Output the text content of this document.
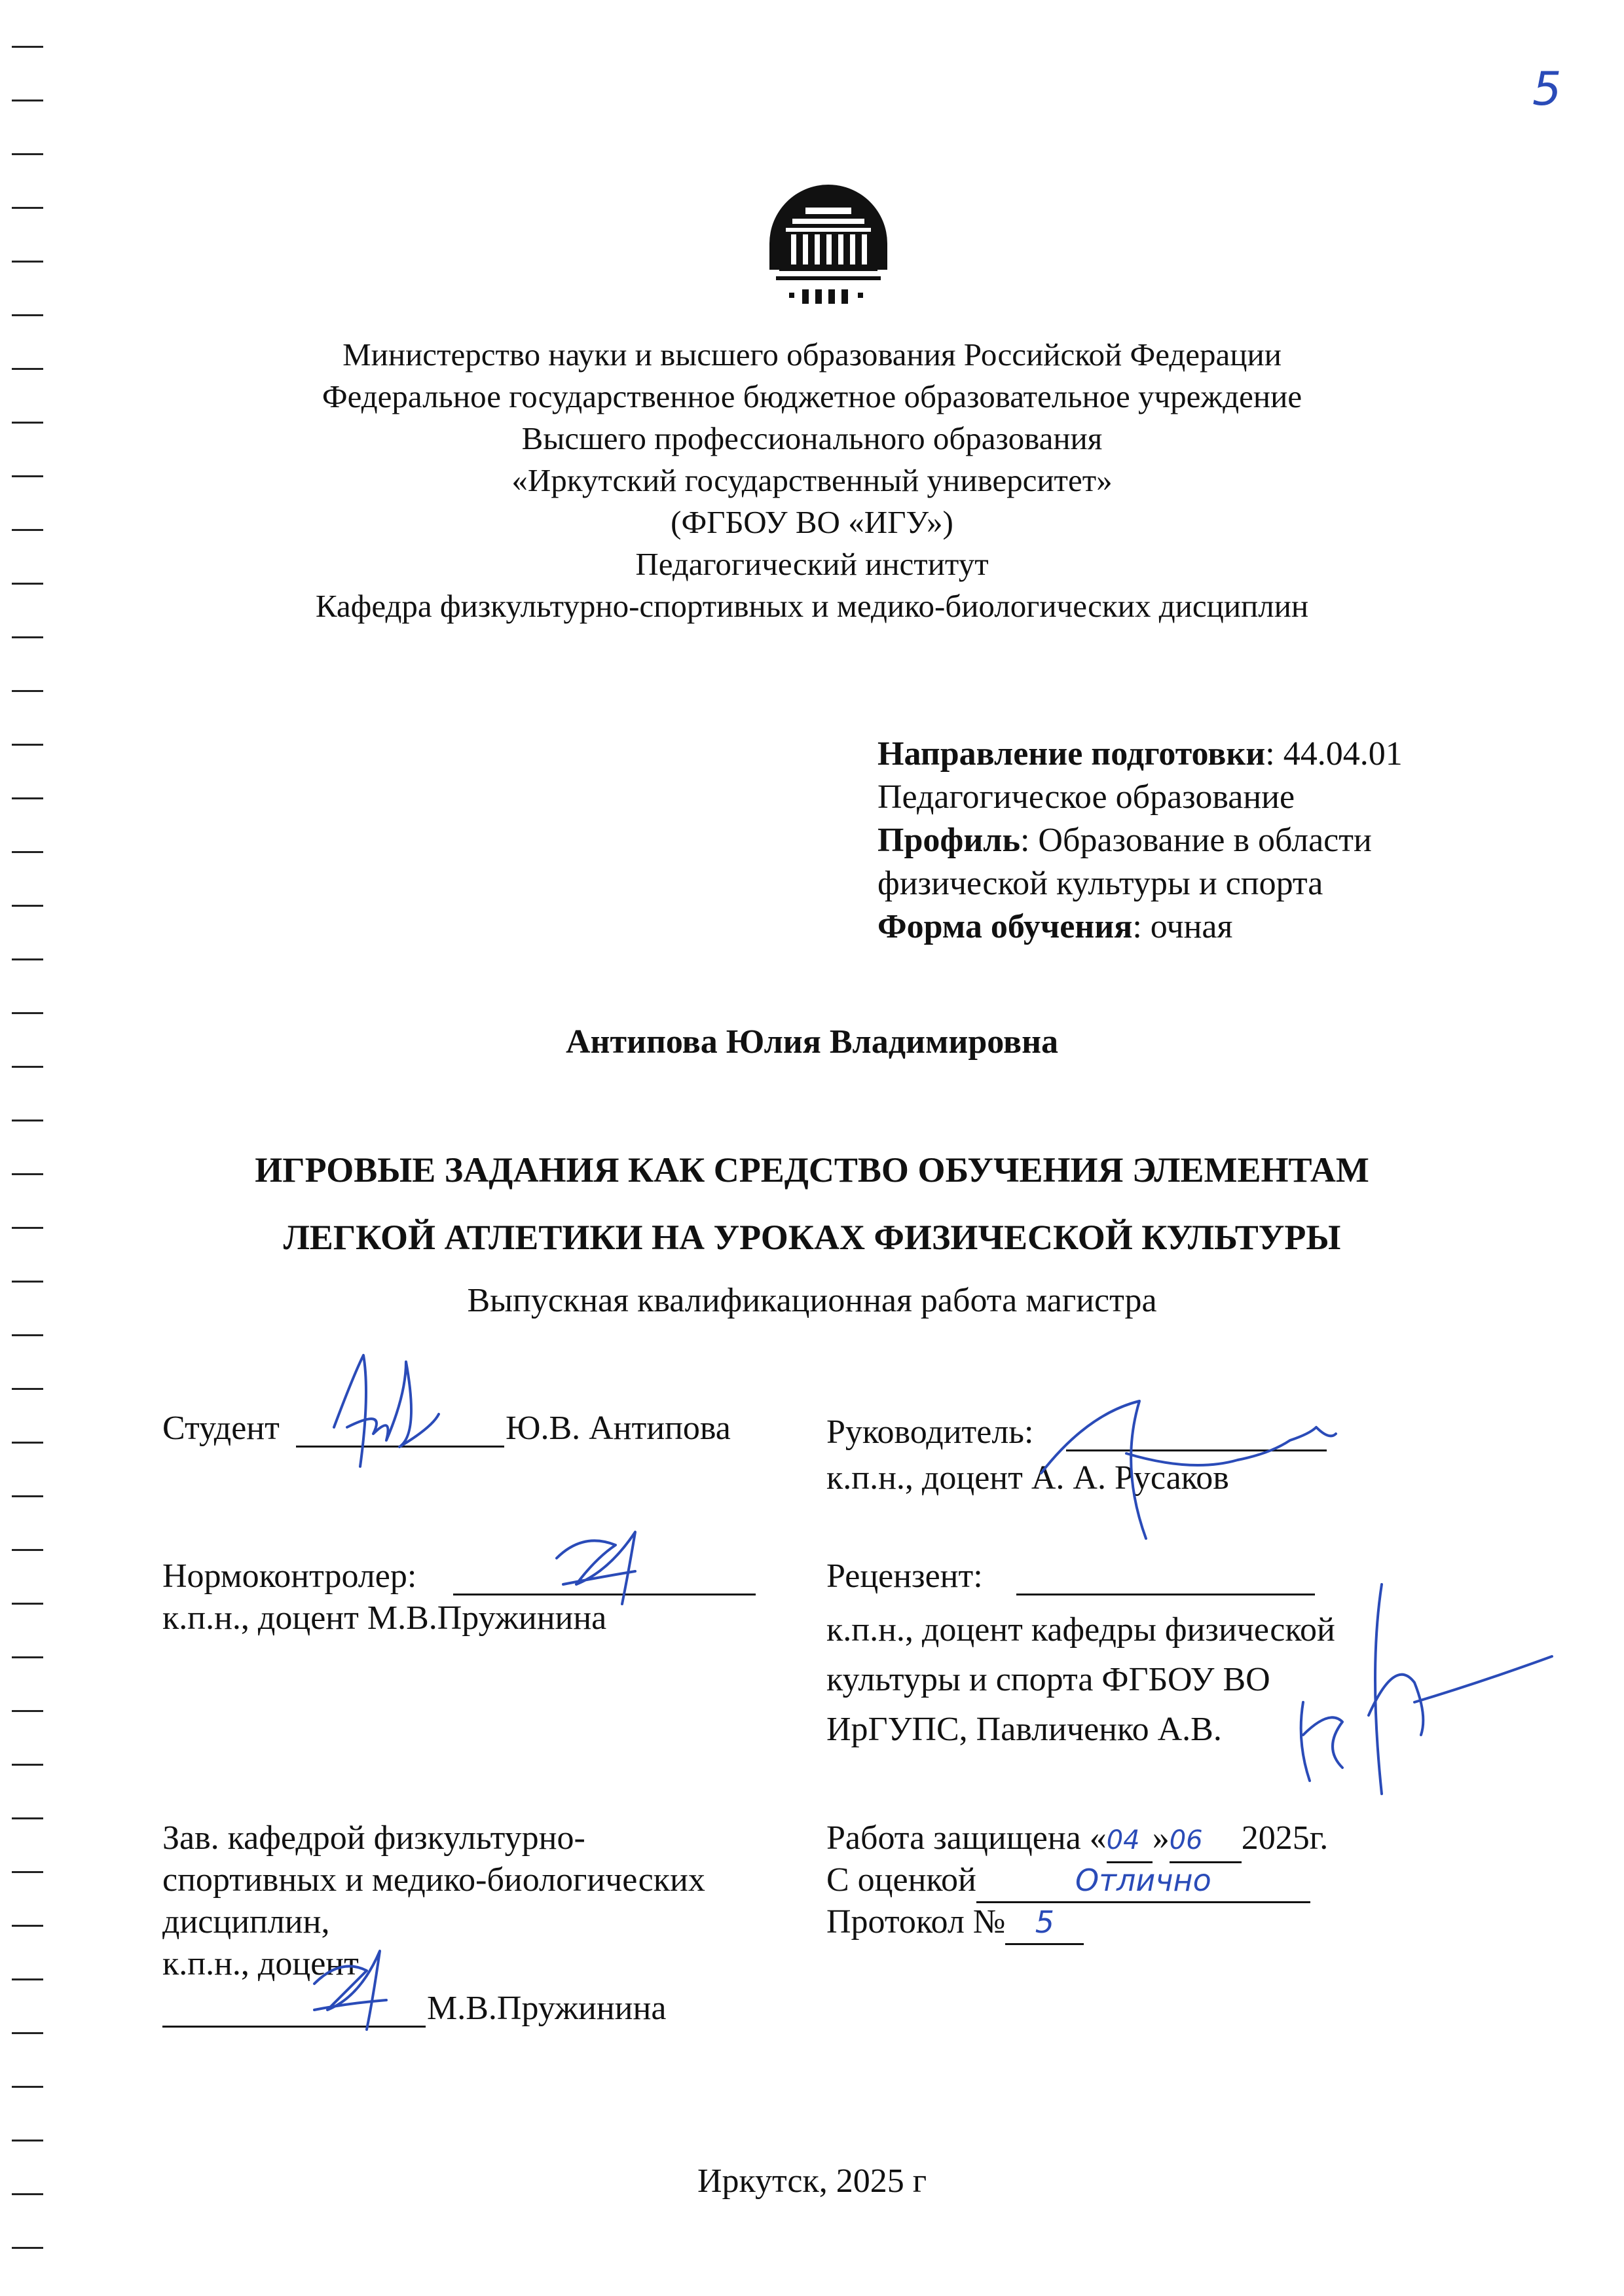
5
Министерство науки и высшего образования Российской Федерации
Федеральное государственное бюджетное образовательное учреждение
Высшего профессионального образования
«Иркутский государственный университет»
(ФГБОУ ВО «ИГУ»)
Педагогический институт
Кафедра физкультурно-спортивных и медико-биологических дисциплин
Направление подготовки: 44.04.01
Педагогическое образование
Профиль: Образование в области
физической культуры и спорта
Форма обучения: очная
Антипова Юлия Владимировна
ИГРОВЫЕ ЗАДАНИЯ КАК СРЕДСТВО ОБУЧЕНИЯ ЭЛЕМЕНТАМ
ЛЕГКОЙ АТЛЕТИКИ НА УРОКАХ ФИЗИЧЕСКОЙ КУЛЬТУРЫ
Выпускная квалификационная работа магистра
Студент	Ю.В. Антипова	Руководитель:
к.п.н., доцент А. А. Русаков
Нормоконтролер:
к.п.н., доцент М.В.Пружинина
Рецензент:
к.п.н., доцент кафедры физической
культуры и спорта ФГБОУ ВО
ИрГУПС, Павличенко А.В.
Зав. кафедрой физкультурно-
спортивных и медико-биологических
дисциплин,
к.п.н., доцент
М.В.Пружинина
Работа защищена «04 »06 2025г.
С оценкой	Отлично
Протокол № 5
Иркутск, 2025 г
